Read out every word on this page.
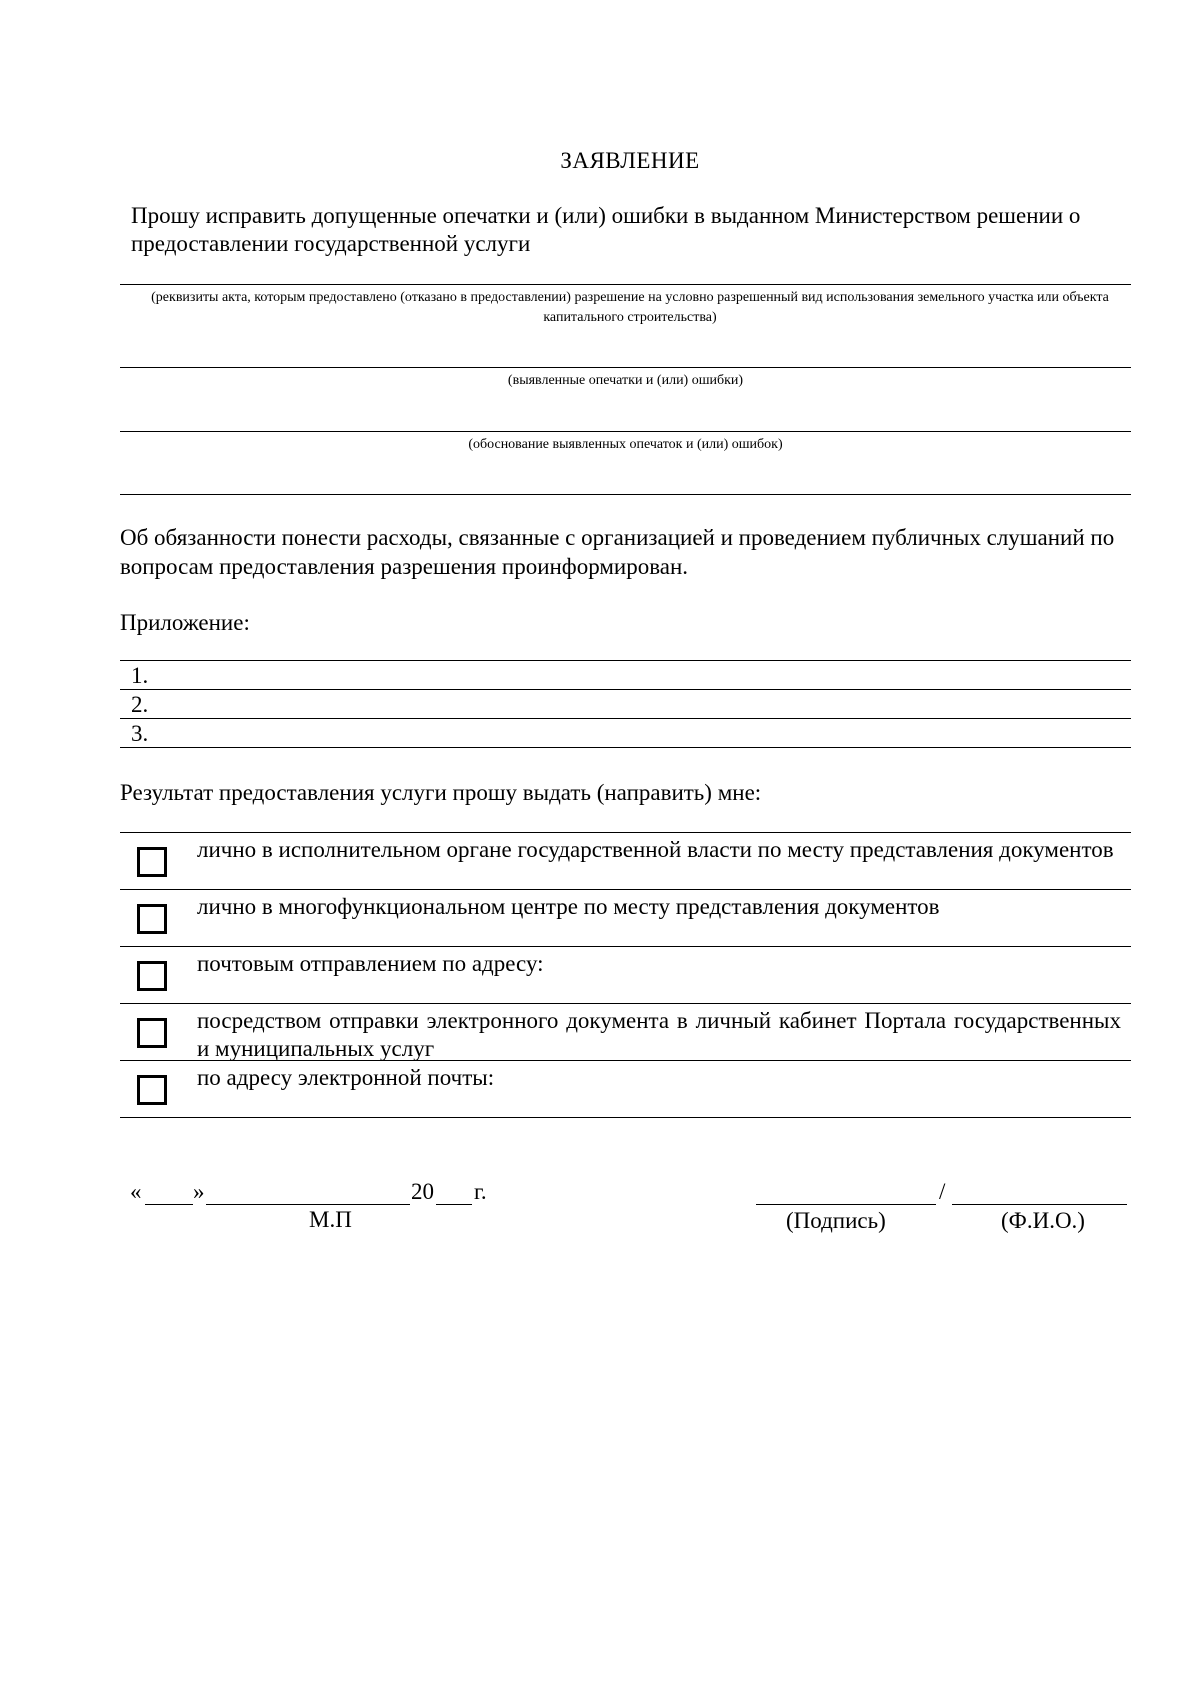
ЗАЯВЛЕНИЕ
Прошу исправить допущенные опечатки и (или) ошибки в выданном Министерством решении о предоставлении государственной услуги
(реквизиты акта, которым предоставлено (отказано в предоставлении) разрешение на условно разрешенный вид использования земельного участка или объекта капитального строительства)
(выявленные опечатки и (или) ошибки)
(обоснование выявленных опечаток и (или) ошибок)
Об обязанности понести расходы, связанные с организацией и проведением публичных слушаний по вопросам предоставления разрешения проинформирован.
Приложение:
1.
2.
3.
Результат предоставления услуги прошу выдать (направить) мне:
лично в исполнительном органе государственной власти по месту представления документов
лично в многофункциональном центре по месту представления документов
почтовым отправлением по адресу:
посредством отправки электронного документа в личный кабинет Портала государственных и муниципальных услуг
по адресу электронной почты:
« »	20 г.
М.П
/
(Подпись)	(Ф.И.О.)
